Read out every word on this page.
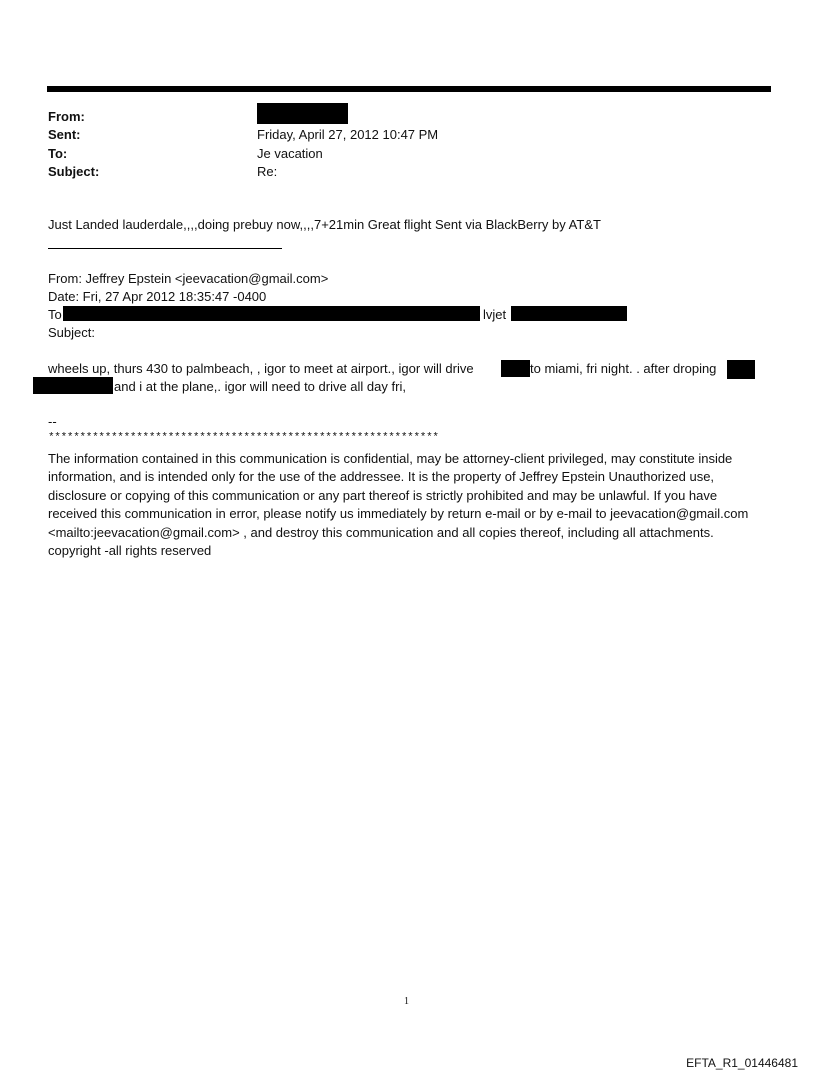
From:
Sent:	Friday, April 27, 2012 10:47 PM
To:	Je vacation
Subject:	Re:
Just Landed lauderdale,,,,doing prebuy now,,,,7+21min Great flight Sent via BlackBerry by AT&T
From: Jeffrey Epstein <jeevacation@gmail.com>
Date: Fri, 27 Apr 2012 18:35:47 -0400
To	lvjet
Subject:
wheels up, thurs 430 to palmbeach, , igor to meet at airport., igor will drive	to miami, fri night. . after droping
and i at the plane,. igor will need to drive all day fri,
--
**************************************************************
The information contained in this communication is confidential, may be attorney-client privileged, may constitute inside information, and is intended only for the use of the addressee. It is the property of Jeffrey Epstein Unauthorized use, disclosure or copying of this communication or any part thereof is strictly prohibited and may be unlawful. If you have received this communication in error, please notify us immediately by return e-mail or by e-mail to jeevacation@gmail.com <mailto:jeevacation@gmail.com> , and destroy this communication and all copies thereof, including all attachments. copyright -all rights reserved
1
EFTA_R1_01446481
